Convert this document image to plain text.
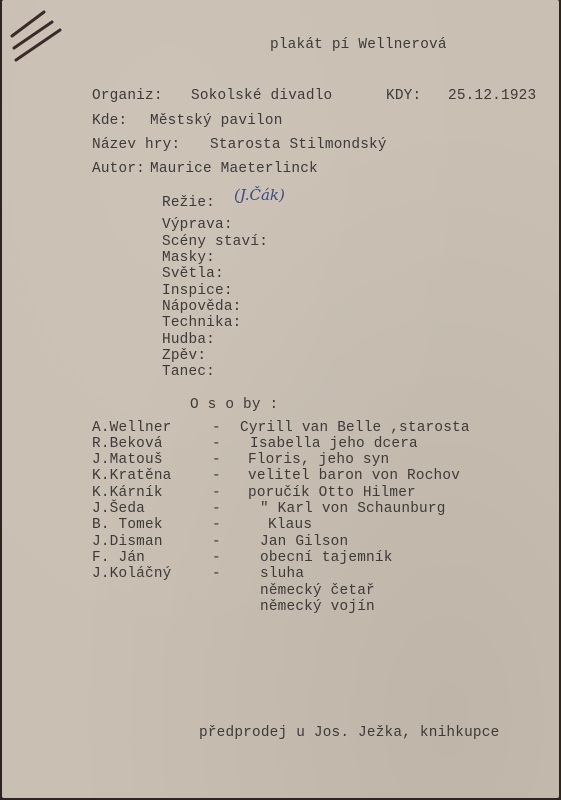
plakát pí Wellnerová
Organiz: Sokolské divadlo	KDY: 25.12.1923
Kde: Městský pavilon
Název hry: Starosta Stilmondský
Autor: Maurice Maeterlinck
Režie: (J.Čák)
Výprava:
Scény staví:
Masky:
Světla:
Inspice:
Nápověda:
Technika:
Hudba:
Zpěv:
Tanec:
O s o by :
A.Wellner	- Cyrill van Belle ,starosta
R.Beková	- Isabella jeho dcera
J.Matouš	- Floris, jeho syn
K.Kratěna	- velitel baron von Rochov
K.Kárník	- poručík Otto Hilmer
J.Šeda	-	" Karl von Schaunburg
B. Tomek	-	Klaus
J.Disman	-	Jan Gilson
F. Ján	-	obecní tajemník
J.Koláčný	-	sluha
německý četař
německý vojín
předprodej u Jos. Ježka, knihkupce
